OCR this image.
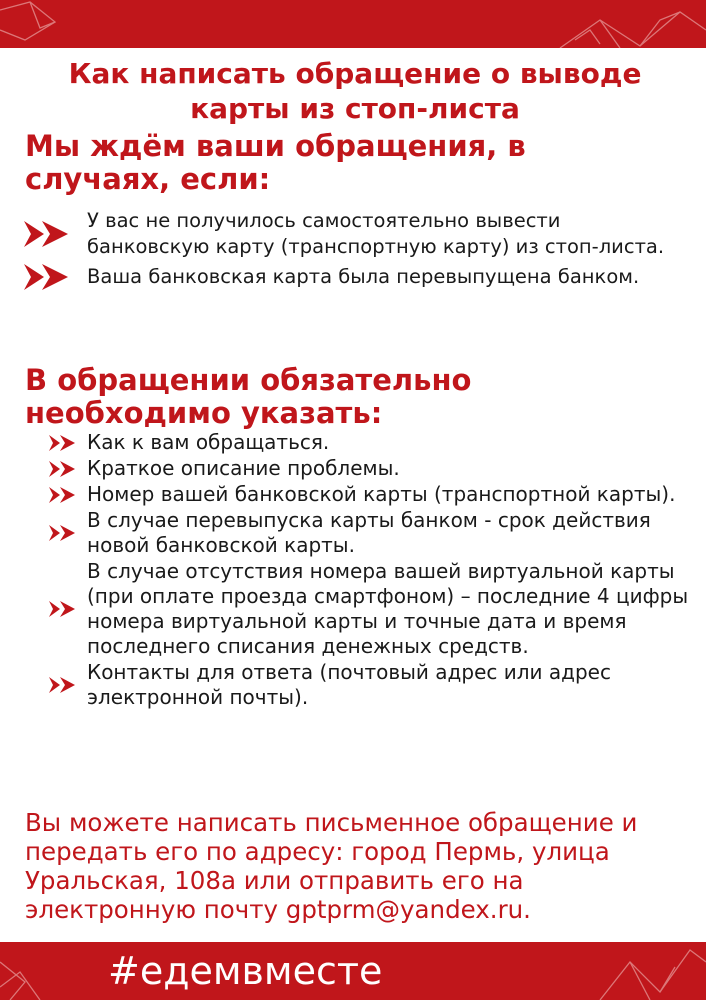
Как написать обращение о выводе карты из стоп-листа
Мы ждём ваши обращения, в случаях, если:
У вас не получилось самостоятельно вывести банковскую карту (транспортную карту) из стоп-листа.
Ваша банковская карта была перевыпущена банком.
В обращении обязательно необходимо указать:
Как к вам обращаться.
Краткое описание проблемы.
Номер вашей банковской карты (транспортной карты).
В случае перевыпуска карты банком - срок действия новой банковской карты.
В случае отсутствия номера вашей виртуальной карты (при оплате проезда смартфоном) – последние 4 цифры номера виртуальной карты и точные дата и время последнего списания денежных средств.
Контакты для ответа (почтовый адрес или адрес электронной почты).

Вы можете написать письменное обращение и передать его по адресу: город Пермь, улица Уральская, 108а или отправить его на электронную почту gptprm@yandex.ru.

#едемвместе
